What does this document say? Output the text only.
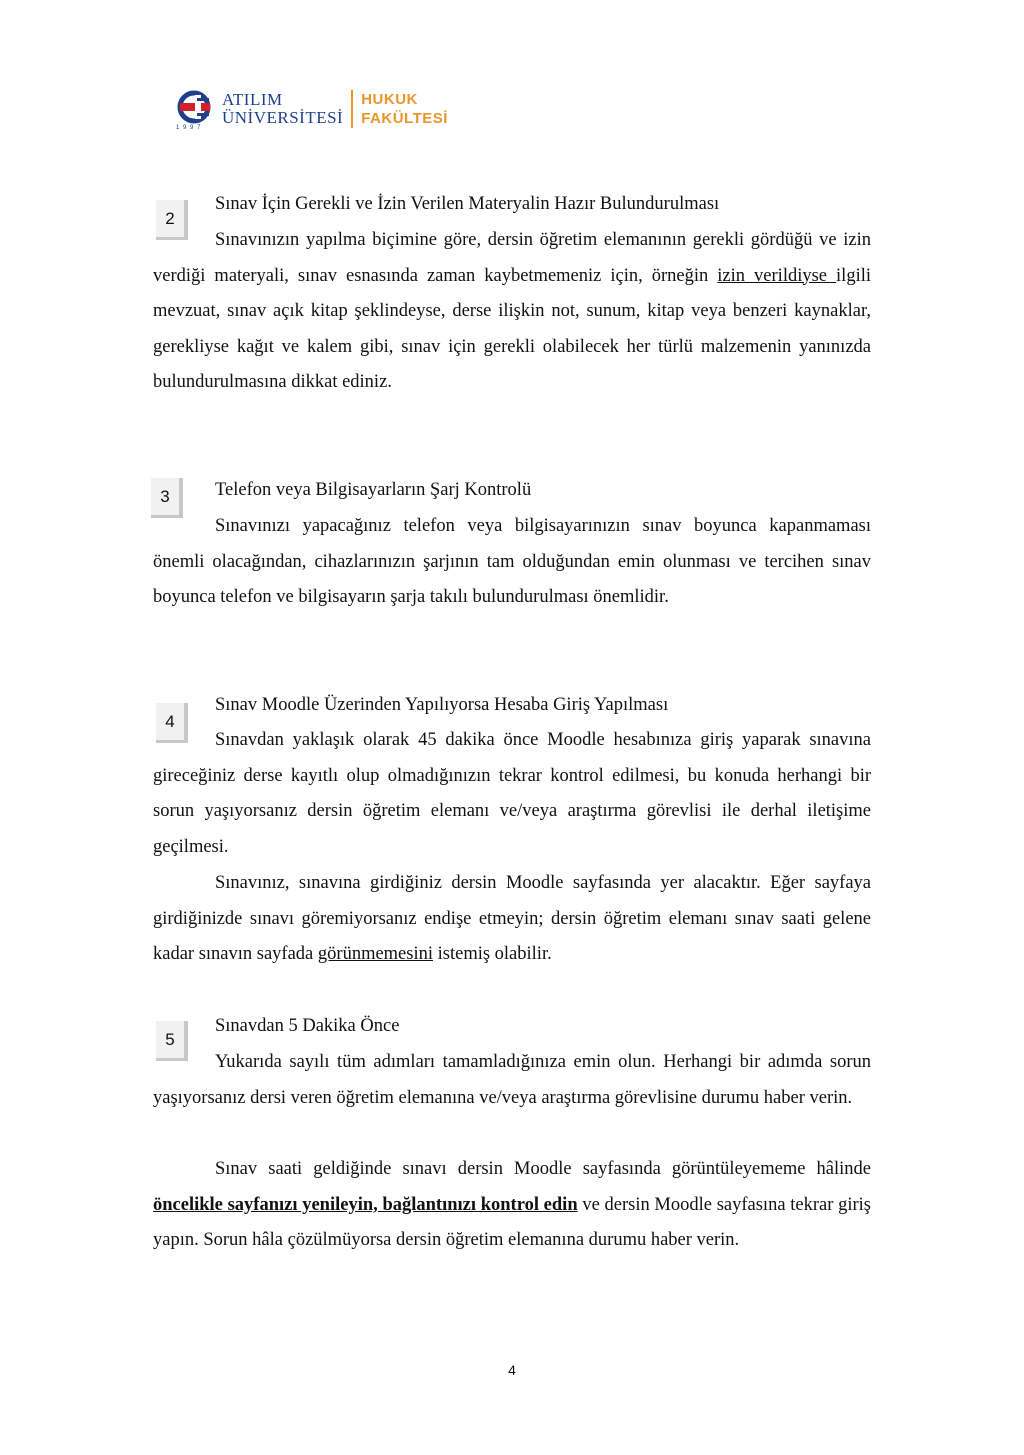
1 9 9 7
ATILIM
ÜNİVERSİTESİ
HUKUK
FAKÜLTESİ
2
Sınav İçin Gerekli ve İzin Verilen Materyalin Hazır Bulundurulması
Sınavınızın yapılma biçimine göre, dersin öğretim elemanının gerekli gördüğü ve izin verdiği materyali, sınav esnasında zaman kaybetmemeniz için, örneğin izin verildiyse ilgili mevzuat, sınav açık kitap şeklindeyse, derse ilişkin not, sunum, kitap veya benzeri kaynaklar, gerekliyse kağıt ve kalem gibi, sınav için gerekli olabilecek her türlü malzemenin yanınızda bulundurulmasına dikkat ediniz.
3	Telefon veya Bilgisayarların Şarj Kontrolü
Sınavınızı yapacağınız telefon veya bilgisayarınızın sınav boyunca kapanmaması önemli olacağından, cihazlarınızın şarjının tam olduğundan emin olunması ve tercihen sınav boyunca telefon ve bilgisayarın şarja takılı bulundurulması önemlidir.
4
Sınav Moodle Üzerinden Yapılıyorsa Hesaba Giriş Yapılması
Sınavdan yaklaşık olarak 45 dakika önce Moodle hesabınıza giriş yaparak sınavına gireceğiniz derse kayıtlı olup olmadığınızın tekrar kontrol edilmesi, bu konuda herhangi bir sorun yaşıyorsanız dersin öğretim elemanı ve/veya araştırma görevlisi ile derhal iletişime geçilmesi.
Sınavınız, sınavına girdiğiniz dersin Moodle sayfasında yer alacaktır. Eğer sayfaya girdiğinizde sınavı göremiyorsanız endişe etmeyin; dersin öğretim elemanı sınav saati gelene kadar sınavın sayfada görünmemesini istemiş olabilir.
5
Sınavdan 5 Dakika Önce
Yukarıda sayılı tüm adımları tamamladığınıza emin olun. Herhangi bir adımda sorun yaşıyorsanız dersi veren öğretim elemanına ve/veya araştırma görevlisine durumu haber verin.
Sınav saati geldiğinde sınavı dersin Moodle sayfasında görüntüleyememe hâlinde öncelikle sayfanızı yenileyin, bağlantınızı kontrol edin ve dersin Moodle sayfasına tekrar giriş yapın. Sorun hâla çözülmüyorsa dersin öğretim elemanına durumu haber verin.
4
